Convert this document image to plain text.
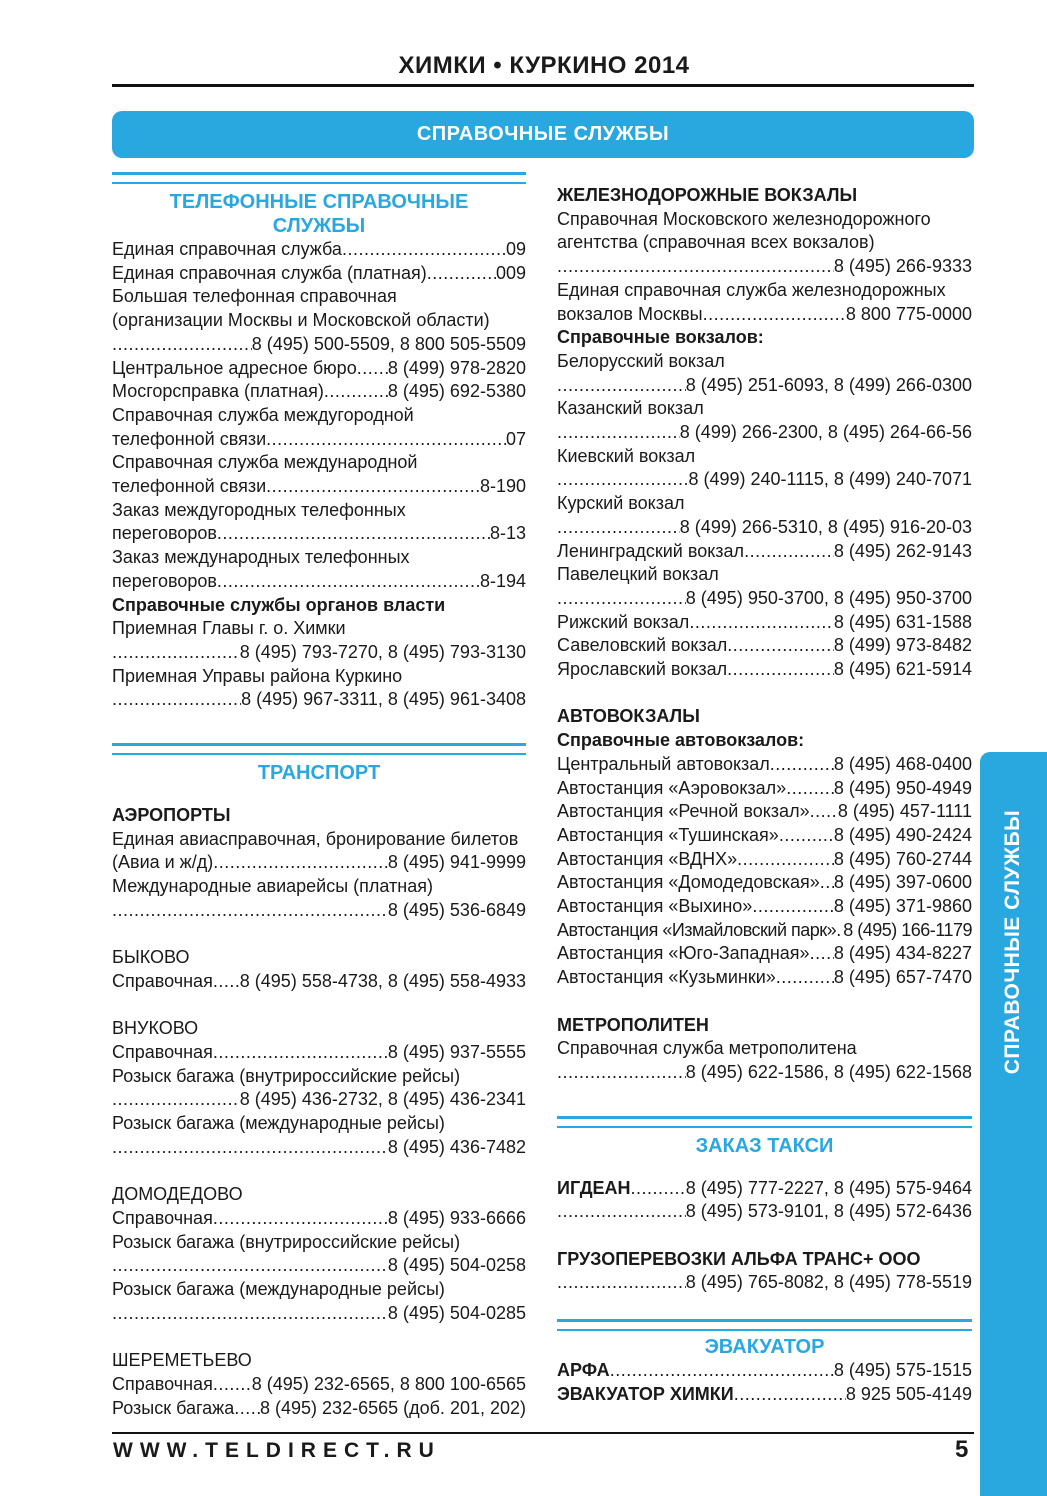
ХИМКИ • КУРКИНО 2014
СПРАВОЧНЫЕ СЛУЖБЫ
ТЕЛЕФОННЫЕ СПРАВОЧНЫЕ
СЛУЖБЫ
Единая справочная служба .....	09
Единая справочная служба (платная) .....	009
Большая телефонная справочная
(организации Москвы и Московской области)
.....
8 (495) 500-5509, 8 800 505-5509
Центральное адресное бюро ..... 8 (499) 978-2820
Мосгорсправка (платная) .....	8 (495) 692-5380
Справочная служба междугородной
телефонной связи .....	07
Справочная служба международной
телефонной связи .....	8-190
Заказ междугородных телефонных
переговоров .....	8-13
Заказ международных телефонных
переговоров .....	8-194
Справочные службы органов власти
Приемная Главы г. о. Химки
.....
8 (495) 793-7270, 8 (495) 793-3130
Приемная Управы района Куркино
.....
8 (495) 967-3311, 8 (495) 961-3408
ТРАНСПОРТ
АЭРОПОРТЫ
Единая авиасправочная, бронирование билетов
(Авиа и ж/д) .....	8 (495) 941-9999
Международные авиарейсы (платная)
.....
8 (495) 536-6849
БЫКОВО
Справочная ..... 8 (495) 558-4738, 8 (495) 558-4933
ВНУКОВО
Справочная .....	8 (495) 937-5555
Розыск багажа (внутрироссийские рейсы)
.....
8 (495) 436-2732, 8 (495) 436-2341
Розыск багажа (международные рейсы)
.....
8 (495) 436-7482
ДОМОДЕДОВО
Справочная .....	8 (495) 933-6666
Розыск багажа (внутрироссийские рейсы)
.....
8 (495) 504-0258
Розыск багажа (международные рейсы)
.....
8 (495) 504-0285
ШЕРЕМЕТЬЕВО
Справочная ..... 8 (495) 232-6565, 8 800 100-6565
Розыск багажа ..... 8 (495) 232-6565 (доб. 201, 202)
ЖЕЛЕЗНОДОРОЖНЫЕ ВОКЗАЛЫ
Справочная Московского железнодорожного
агентства (справочная всех вокзалов)
.....
8 (495) 266-9333
Единая справочная служба железнодорожных
вокзалов Москвы .....	8 800 775-0000
Справочные вокзалов:
Белорусский вокзал
.....
8 (495) 251-6093, 8 (499) 266-0300
Казанский вокзал
.....
8 (499) 266-2300, 8 (495) 264-66-56
Киевский вокзал
.....
8 (499) 240-1115, 8 (499) 240-7071
Курский вокзал
.....
8 (499) 266-5310, 8 (495) 916-20-03
Ленинградский вокзал .....	8 (495) 262-9143
Павелецкий вокзал
.....
8 (495) 950-3700, 8 (495) 950-3700
Рижский вокзал .....	8 (495) 631-1588
Савеловский вокзал .....	8 (499) 973-8482
Ярославский вокзал .....	8 (495) 621-5914
АВТОВОКЗАЛЫ
Справочные автовокзалов:
Центральный автовокзал .....	8 (495) 468-0400
Автостанция «Аэровокзал» .....	8 (495) 950-4949
Автостанция «Речной вокзал» ..... 8 (495) 457-1111
Автостанция «Тушинская» .....	8 (495) 490-2424
Автостанция «ВДНХ» .....	8 (495) 760-2744
Автостанция «Домодедовская» ..... 8 (495) 397-0600
Автостанция «Выхино» .....	8 (495) 371-9860
Автостанция «Измайловский парк» ..... 8 (495) 166-1179
Автостанция «Юго-Западная» ..... 8 (495) 434-8227
Автостанция «Кузьминки» .....	8 (495) 657-7470
МЕТРОПОЛИТЕН
Справочная служба метрополитена
.....
8 (495) 622-1586, 8 (495) 622-1568
ЗАКАЗ ТАКСИ
ИГДЕАН .....	8 (495) 777-2227, 8 (495) 575-9464
.....
8 (495) 573-9101, 8 (495) 572-6436
ГРУЗОПЕРЕВОЗКИ АЛЬФА ТРАНС+ ООО
.....
8 (495) 765-8082, 8 (495) 778-5519
ЭВАКУАТОР
АРФА .....	8 (495) 575-1515
ЭВАКУАТОР ХИМКИ .....	8 925 505-4149
СПРАВОЧНЫЕ СЛУЖБЫ
WWW.TELDIRECT.RU	5
